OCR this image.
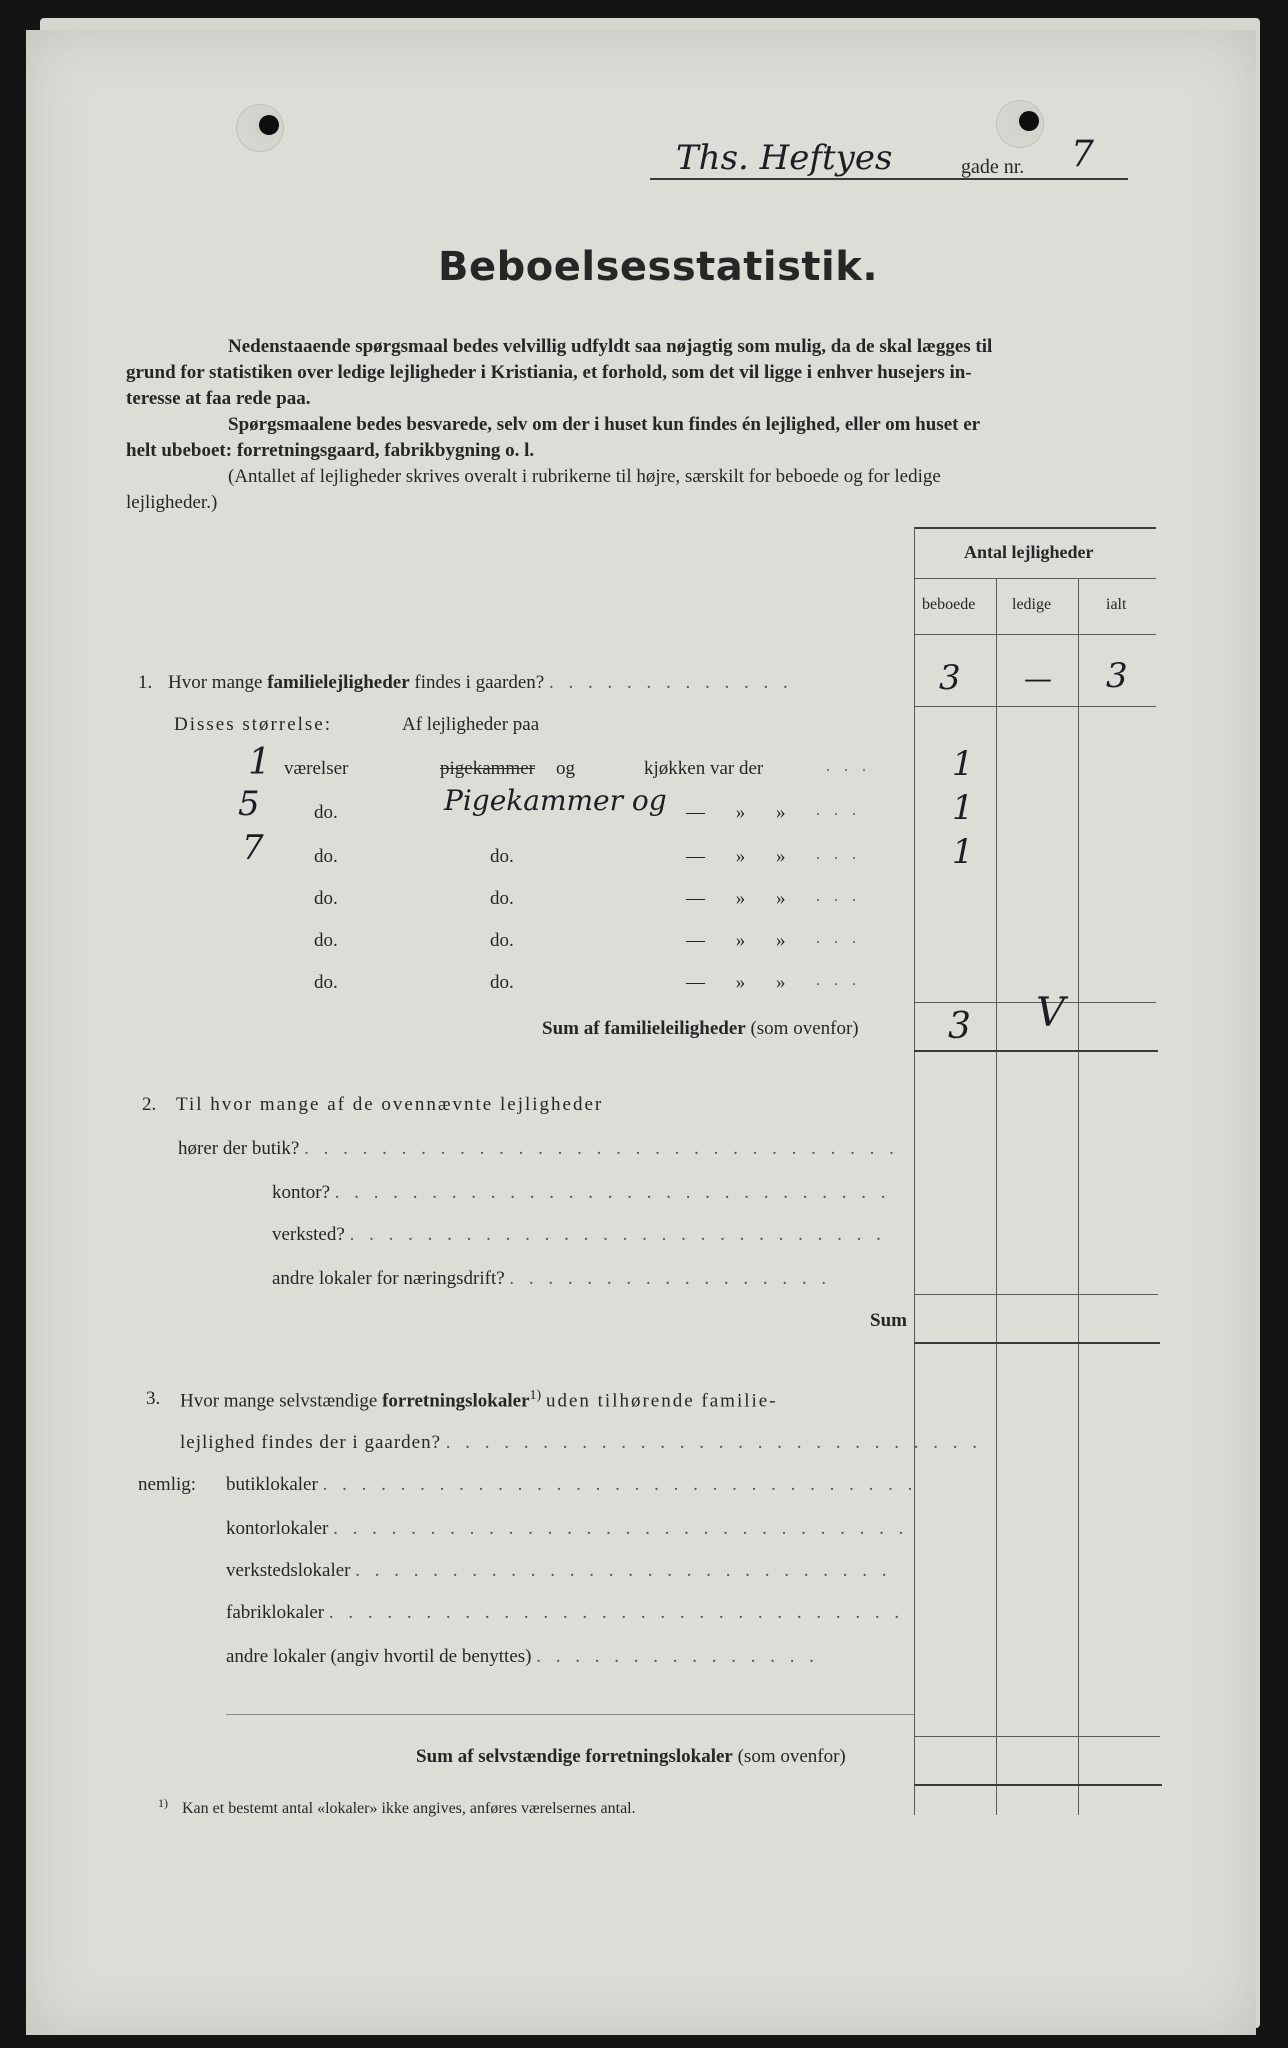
Ths. Heftyes	gade nr. 7
Beboelsesstatistik.
Nedenstaaende spørgsmaal bedes velvillig udfyldt saa nøjagtig som mulig, da de skal lægges til
grund for statistiken over ledige lejligheder i Kristiania, et forhold, som det vil ligge i enhver husejers in-
teresse at faa rede paa.
Spørgsmaalene bedes besvarede, selv om der i huset kun findes én lejlighed, eller om huset er
helt ubeboet: forretningsgaard, fabrikbygning o. l.
(Antallet af lejligheder skrives overalt i rubrikerne til højre, særskilt for beboede og for ledige
lejligheder.)
Antal lejligheder
beboede ledige	ialt
1. Hvor mange familielejligheder findes i gaarden? . . . . . . . . . . . . .	3 — 3
Disses størrelse:	Af lejligheder paa
1 værelser	pigekammer og	kjøkken var der	. . . 1
5	do.	Pigekammer og — » » . . .	1
7	do.	do.	— » » . . .	1
do.	do.	— » » . . .
do.	do.	— » » . . .
do.	do.	— » » . . .
Sum af familieleiligheder (som ovenfor) 3 V
2. Til hvor mange af de ovennævnte lejligheder
hører der butik? . . . . . . . . . . . . . . . . . . . . . . . . . . . . . . .
kontor? . . . . . . . . . . . . . . . . . . . . . . . . . . . . .
verksted? . . . . . . . . . . . . . . . . . . . . . . . . . . . .
andre lokaler for næringsdrift? . . . . . . . . . . . . . . . . .
Sum
3. Hvor mange selvstændige forretningslokaler$^{1)}$ uden tilhørende familie-
lejlighed findes der i gaarden? . . . . . . . . . . . . . . . . . . . . . . . . . . . .
nemlig: butiklokaler . . . . . . . . . . . . . . . . . . . . . . . . . . . . . . .
kontorlokaler . . . . . . . . . . . . . . . . . . . . . . . . . . . . . .
verkstedslokaler . . . . . . . . . . . . . . . . . . . . . . . . . . . .
fabriklokaler . . . . . . . . . . . . . . . . . . . . . . . . . . . . . .
andre lokaler (angiv hvortil de benyttes) . . . . . . . . . . . . . . .
Sum af selvstændige forretningslokaler (som ovenfor)
$^{1)}$ Kan et bestemt antal «lokaler» ikke angives, anføres værelsernes antal.
